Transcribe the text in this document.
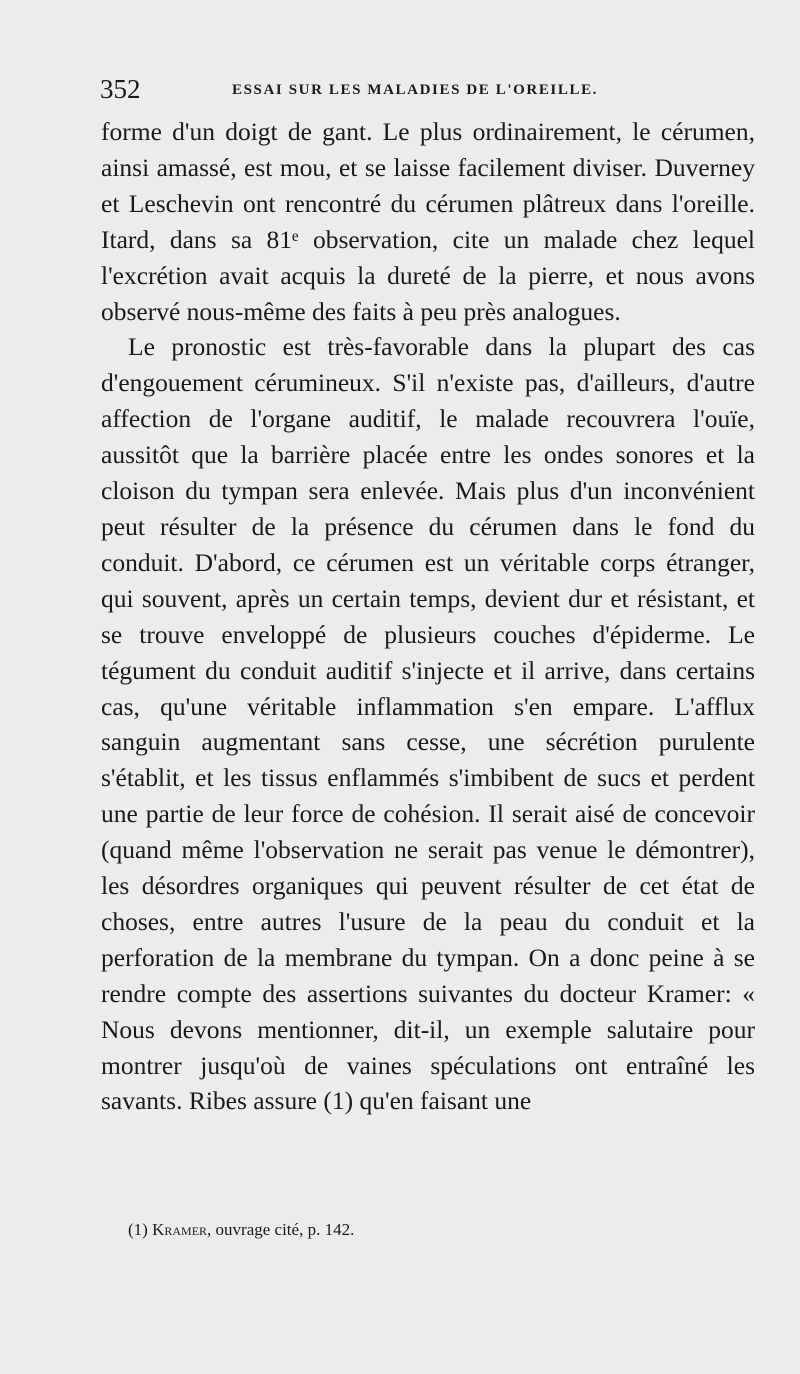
352	ESSAI SUR LES MALADIES DE L'OREILLE.

forme d'un doigt de gant. Le plus ordinairement, le cérumen, ainsi amassé, est mou, et se laisse facilement diviser. Duverney et Leschevin ont rencontré du cérumen plâtreux dans l'oreille. Itard, dans sa 81ᵉ observation, cite un malade chez lequel l'excrétion avait acquis la dureté de la pierre, et nous avons observé nous-même des faits à peu près analogues.

Le pronostic est très-favorable dans la plupart des cas d'engouement cérumineux. S'il n'existe pas, d'ailleurs, d'autre affection de l'organe auditif, le malade recouvrera l'ouïe, aussitôt que la barrière placée entre les ondes sonores et la cloison du tympan sera enlevée. Mais plus d'un inconvénient peut résulter de la présence du cérumen dans le fond du conduit. D'abord, ce cérumen est un véritable corps étranger, qui souvent, après un certain temps, devient dur et résistant, et se trouve enveloppé de plusieurs couches d'épiderme. Le tégument du conduit auditif s'injecte et il arrive, dans certains cas, qu'une véritable inflammation s'en empare. L'afflux sanguin augmentant sans cesse, une sécrétion purulente s'établit, et les tissus enflammés s'imbibent de sucs et perdent une partie de leur force de cohésion. Il serait aisé de concevoir (quand même l'observation ne serait pas venue le démontrer), les désordres organiques qui peuvent résulter de cet état de choses, entre autres l'usure de la peau du conduit et la perforation de la membrane du tympan. On a donc peine à se rendre compte des assertions suivantes du docteur Kramer: « Nous devons mentionner, dit-il, un exemple salutaire pour montrer jusqu'où de vaines spéculations ont entraîné les savants. Ribes assure (1) qu'en faisant une

(1) Kramer, ouvrage cité, p. 142.
